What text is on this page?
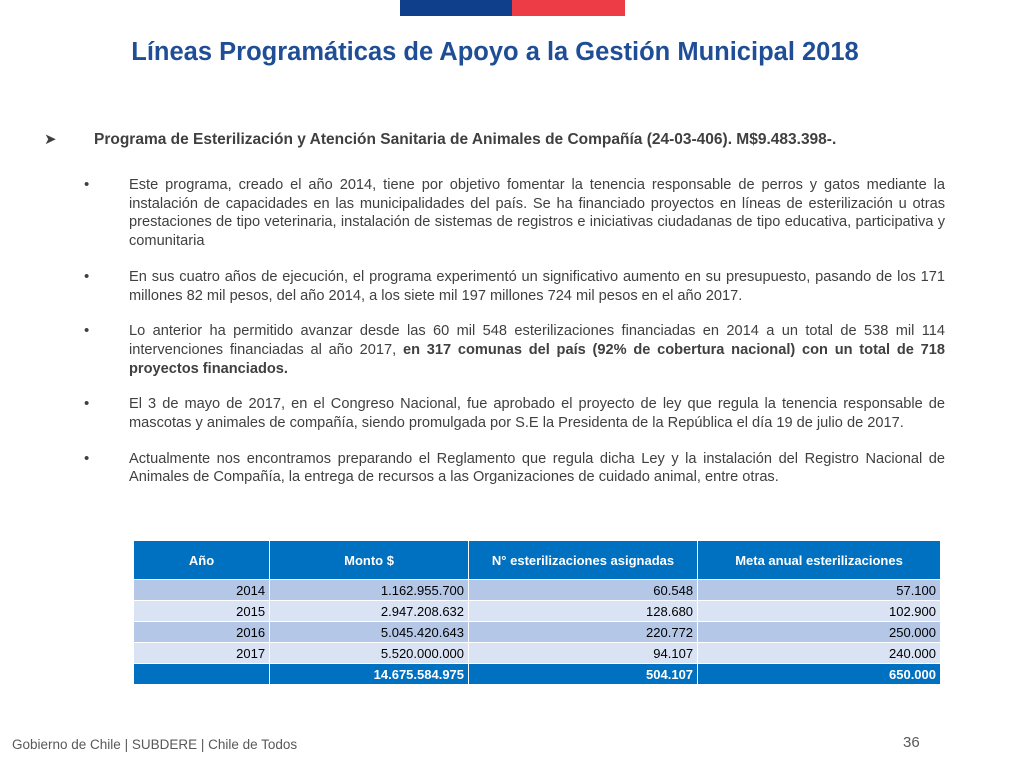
Líneas Programáticas de Apoyo a la Gestión Municipal 2018
➤	Programa de Esterilización y Atención Sanitaria de Animales de Compañía (24-03-406). M$9.483.398-.
•	Este programa, creado el año 2014, tiene por objetivo fomentar la tenencia responsable de perros y gatos mediante la instalación de capacidades en las municipalidades del país. Se ha financiado proyectos en líneas de esterilización u otras prestaciones de tipo veterinaria, instalación de sistemas de registros e iniciativas ciudadanas de tipo educativa, participativa y comunitaria
•	En sus cuatro años de ejecución, el programa experimentó un significativo aumento en su presupuesto, pasando de los 171 millones 82 mil pesos, del año 2014, a los siete mil 197 millones 724 mil pesos en el año 2017.
•	Lo anterior ha permitido avanzar desde las 60 mil 548 esterilizaciones financiadas en 2014 a un total de 538 mil 114 intervenciones financiadas al año 2017, en 317 comunas del país (92% de cobertura nacional) con un total de 718 proyectos financiados.
•	El 3 de mayo de 2017, en el Congreso Nacional, fue aprobado el proyecto de ley que regula la tenencia responsable de mascotas y animales de compañía, siendo promulgada por S.E la Presidenta de la República el día 19 de julio de 2017.
•	Actualmente nos encontramos preparando el Reglamento que regula dicha Ley y la instalación del Registro Nacional de Animales de Compañía, la entrega de recursos a las Organizaciones de cuidado animal, entre otras.
Año	Monto $	N° esterilizaciones asignadas	Meta anual esterilizaciones
2014	1.162.955.700	60.548	57.100
2015	2.947.208.632	128.680	102.900
2016	5.045.420.643	220.772	250.000
2017	5.520.000.000	94.107	240.000
	14.675.584.975	504.107	650.000
Gobierno de Chile | SUBDERE | Chile de Todos	36
